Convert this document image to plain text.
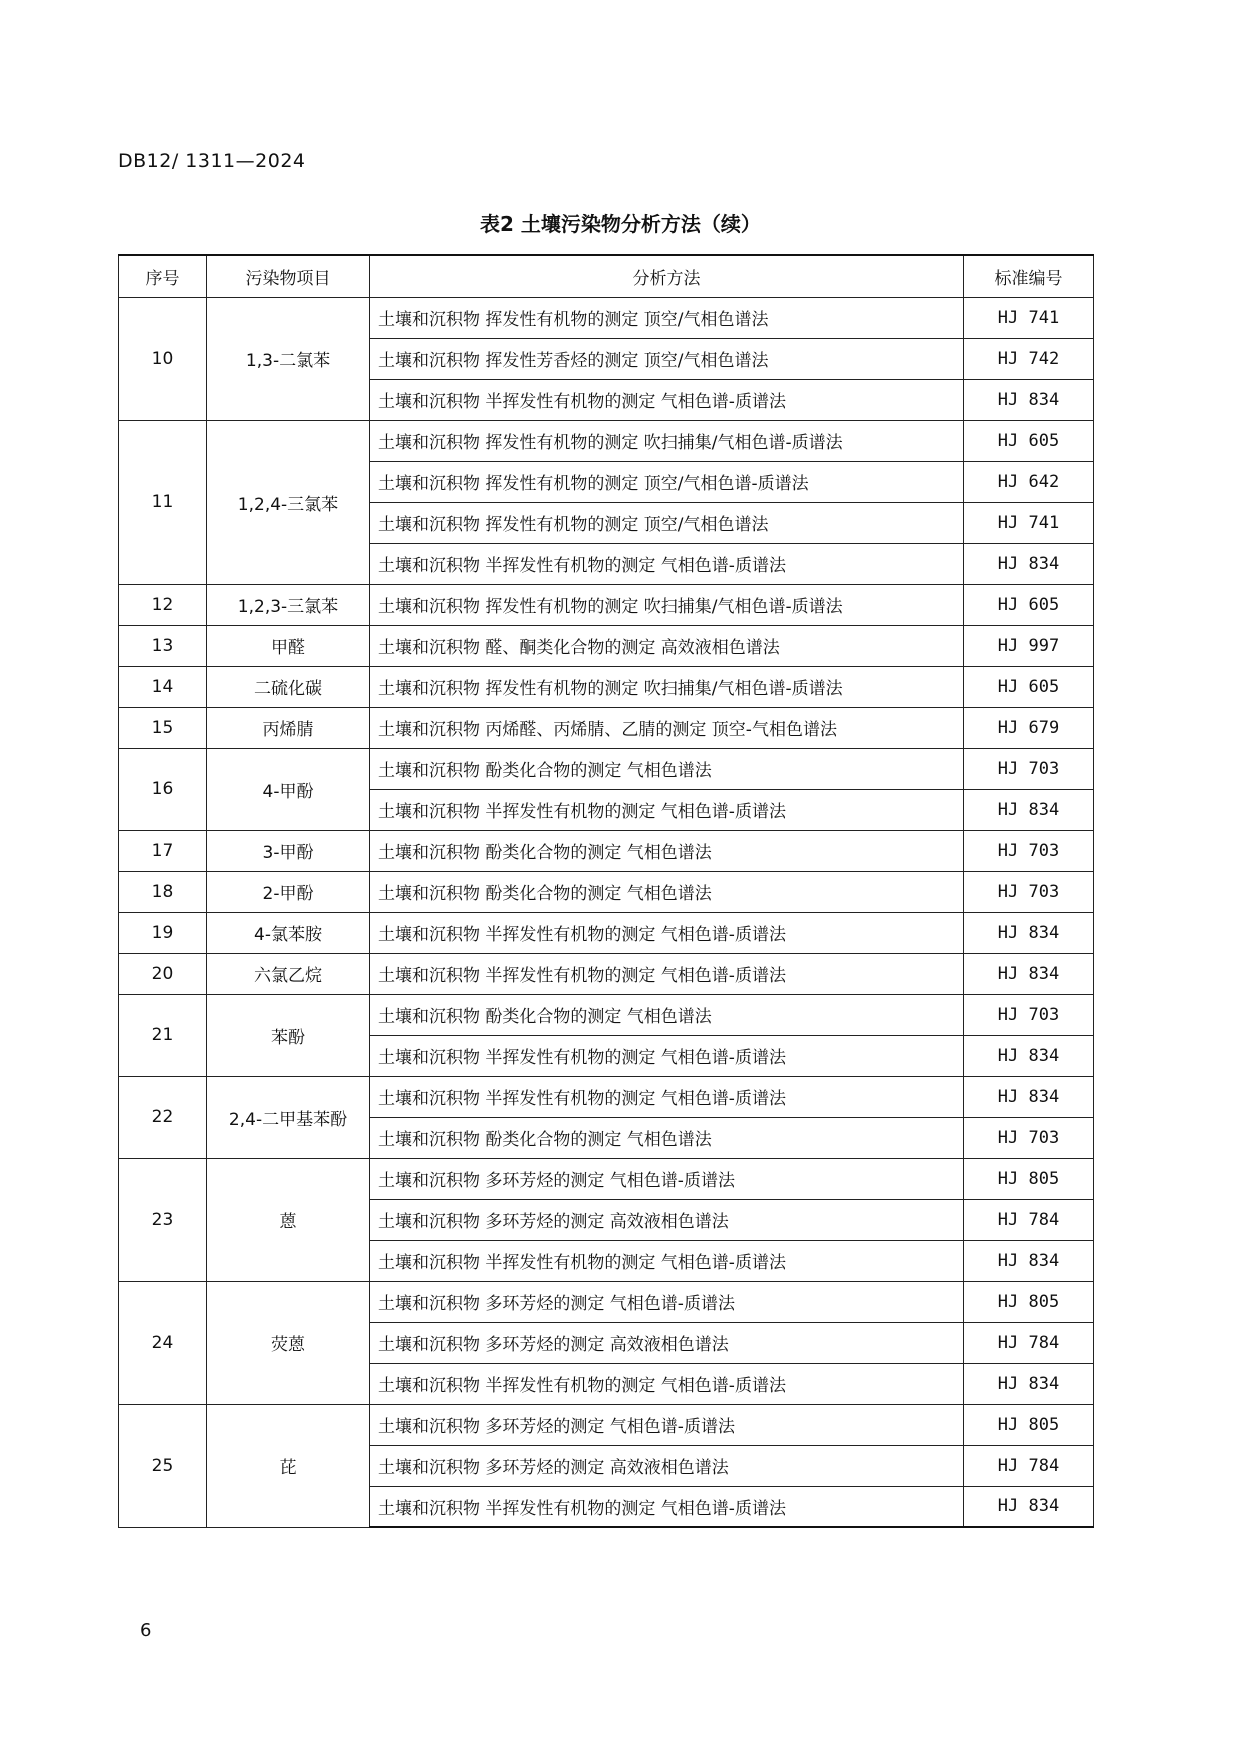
DB12/ 1311—2024
表2 土壤污染物分析方法（续）
序号	污染物项目	分析方法	标准编号
10	1,3-二氯苯	土壤和沉积物 挥发性有机物的测定 顶空/气相色谱法	HJ 741
		土壤和沉积物 挥发性芳香烃的测定 顶空/气相色谱法	HJ 742
		土壤和沉积物 半挥发性有机物的测定 气相色谱-质谱法	HJ 834
11	1,2,4-三氯苯	土壤和沉积物 挥发性有机物的测定 吹扫捕集/气相色谱-质谱法	HJ 605
		土壤和沉积物 挥发性有机物的测定 顶空/气相色谱-质谱法	HJ 642
		土壤和沉积物 挥发性有机物的测定 顶空/气相色谱法	HJ 741
		土壤和沉积物 半挥发性有机物的测定 气相色谱-质谱法	HJ 834
12	1,2,3-三氯苯	土壤和沉积物 挥发性有机物的测定 吹扫捕集/气相色谱-质谱法	HJ 605
13	甲醛	土壤和沉积物 醛、酮类化合物的测定 高效液相色谱法	HJ 997
14	二硫化碳	土壤和沉积物 挥发性有机物的测定 吹扫捕集/气相色谱-质谱法	HJ 605
15	丙烯腈	土壤和沉积物 丙烯醛、丙烯腈、乙腈的测定 顶空-气相色谱法	HJ 679
16	4-甲酚	土壤和沉积物 酚类化合物的测定 气相色谱法	HJ 703
		土壤和沉积物 半挥发性有机物的测定 气相色谱-质谱法	HJ 834
17	3-甲酚	土壤和沉积物 酚类化合物的测定 气相色谱法	HJ 703
18	2-甲酚	土壤和沉积物 酚类化合物的测定 气相色谱法	HJ 703
19	4-氯苯胺	土壤和沉积物 半挥发性有机物的测定 气相色谱-质谱法	HJ 834
20	六氯乙烷	土壤和沉积物 半挥发性有机物的测定 气相色谱-质谱法	HJ 834
21	苯酚	土壤和沉积物 酚类化合物的测定 气相色谱法	HJ 703
		土壤和沉积物 半挥发性有机物的测定 气相色谱-质谱法	HJ 834
22	2,4-二甲基苯酚	土壤和沉积物 半挥发性有机物的测定 气相色谱-质谱法	HJ 834
		土壤和沉积物 酚类化合物的测定 气相色谱法	HJ 703
23	蒽	土壤和沉积物 多环芳烃的测定 气相色谱-质谱法	HJ 805
		土壤和沉积物 多环芳烃的测定 高效液相色谱法	HJ 784
		土壤和沉积物 半挥发性有机物的测定 气相色谱-质谱法	HJ 834
24	荧蒽	土壤和沉积物 多环芳烃的测定 气相色谱-质谱法	HJ 805
		土壤和沉积物 多环芳烃的测定 高效液相色谱法	HJ 784
		土壤和沉积物 半挥发性有机物的测定 气相色谱-质谱法	HJ 834
25	芘	土壤和沉积物 多环芳烃的测定 气相色谱-质谱法	HJ 805
		土壤和沉积物 多环芳烃的测定 高效液相色谱法	HJ 784
		土壤和沉积物 半挥发性有机物的测定 气相色谱-质谱法	HJ 834
6
